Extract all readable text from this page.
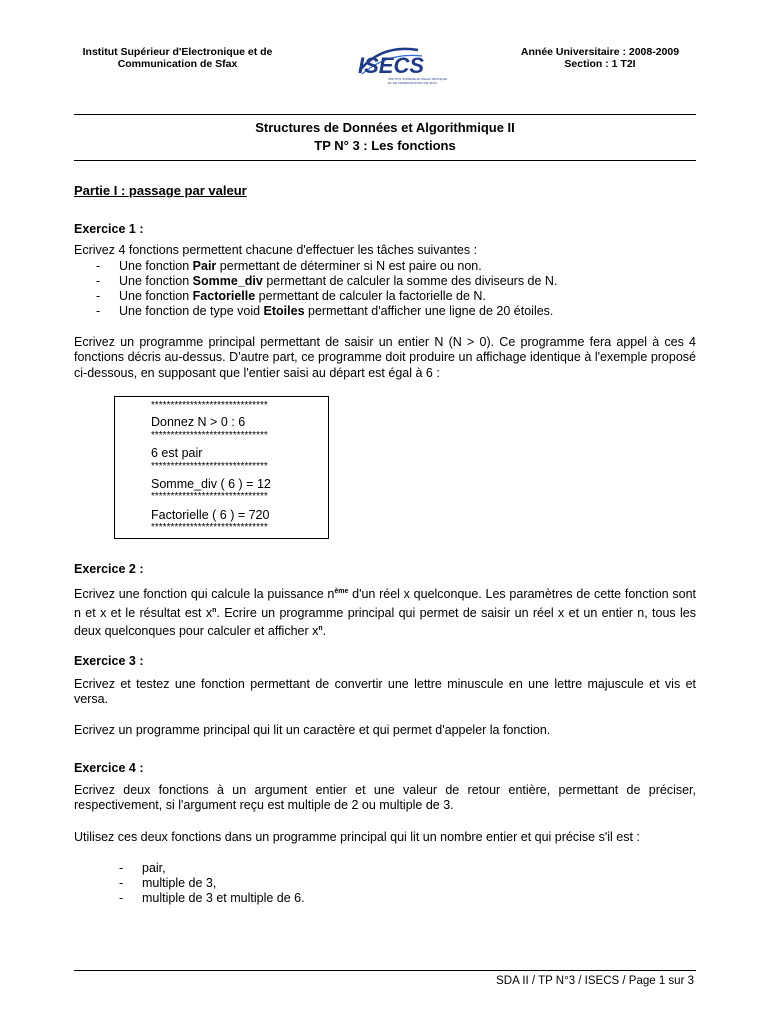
Institut Supérieur d'Electronique et de
Communication de Sfax	ISECS
INSTITUT SUPERIEUR D'ELECTRONIQUE
ET DE COMMUNICATION DE SFAX
Année Universitaire : 2008-2009
Section : 1 T2I
Structures de Données et Algorithmique II
TP N° 3 : Les fonctions
Partie I : passage par valeur
Exercice 1 :
Ecrivez 4 fonctions permettent chacune d'effectuer les tâches suivantes :
- Une fonction Pair permettant de déterminer si N est paire ou non.
- Une fonction Somme_div permettant de calculer la somme des diviseurs de N.
- Une fonction Factorielle permettant de calculer la factorielle de N.
- Une fonction de type void Etoiles permettant d'afficher une ligne de 20 étoiles.
Ecrivez un programme principal permettant de saisir un entier N (N > 0). Ce programme fera appel à ces 4 fonctions décris au-dessus. D'autre part, ce programme doit produire un affichage identique à l'exemple proposé ci-dessous, en supposant que l'entier saisi au départ est égal à 6 :
******************************
Donnez N > 0 : 6
******************************
6 est pair
******************************
Somme_div ( 6 ) = 12
******************************
Factorielle ( 6 ) = 720
******************************
Exercice 2 :
Ecrivez une fonction qui calcule la puissance $n^{ème}$ d'un réel x quelconque. Les paramètres de cette fonction sont n et x et le résultat est $x^n$. Ecrire un programme principal qui permet de saisir un réel x et un entier n, tous les deux quelconques pour calculer et afficher $x^n$.
Exercice 3 :
Ecrivez et testez une fonction permettant de convertir une lettre minuscule en une lettre majuscule et vis et versa.
Ecrivez un programme principal qui lit un caractère et qui permet d'appeler la fonction.
Exercice 4 :
Ecrivez deux fonctions à un argument entier et une valeur de retour entière, permettant de préciser, respectivement, si l'argument reçu est multiple de 2 ou multiple de 3.
Utilisez ces deux fonctions dans un programme principal qui lit un nombre entier et qui précise s'il est :
- pair,
- multiple de 3,
- multiple de 3 et multiple de 6.
SDA II / TP N°3 / ISECS / Page 1 sur 3
